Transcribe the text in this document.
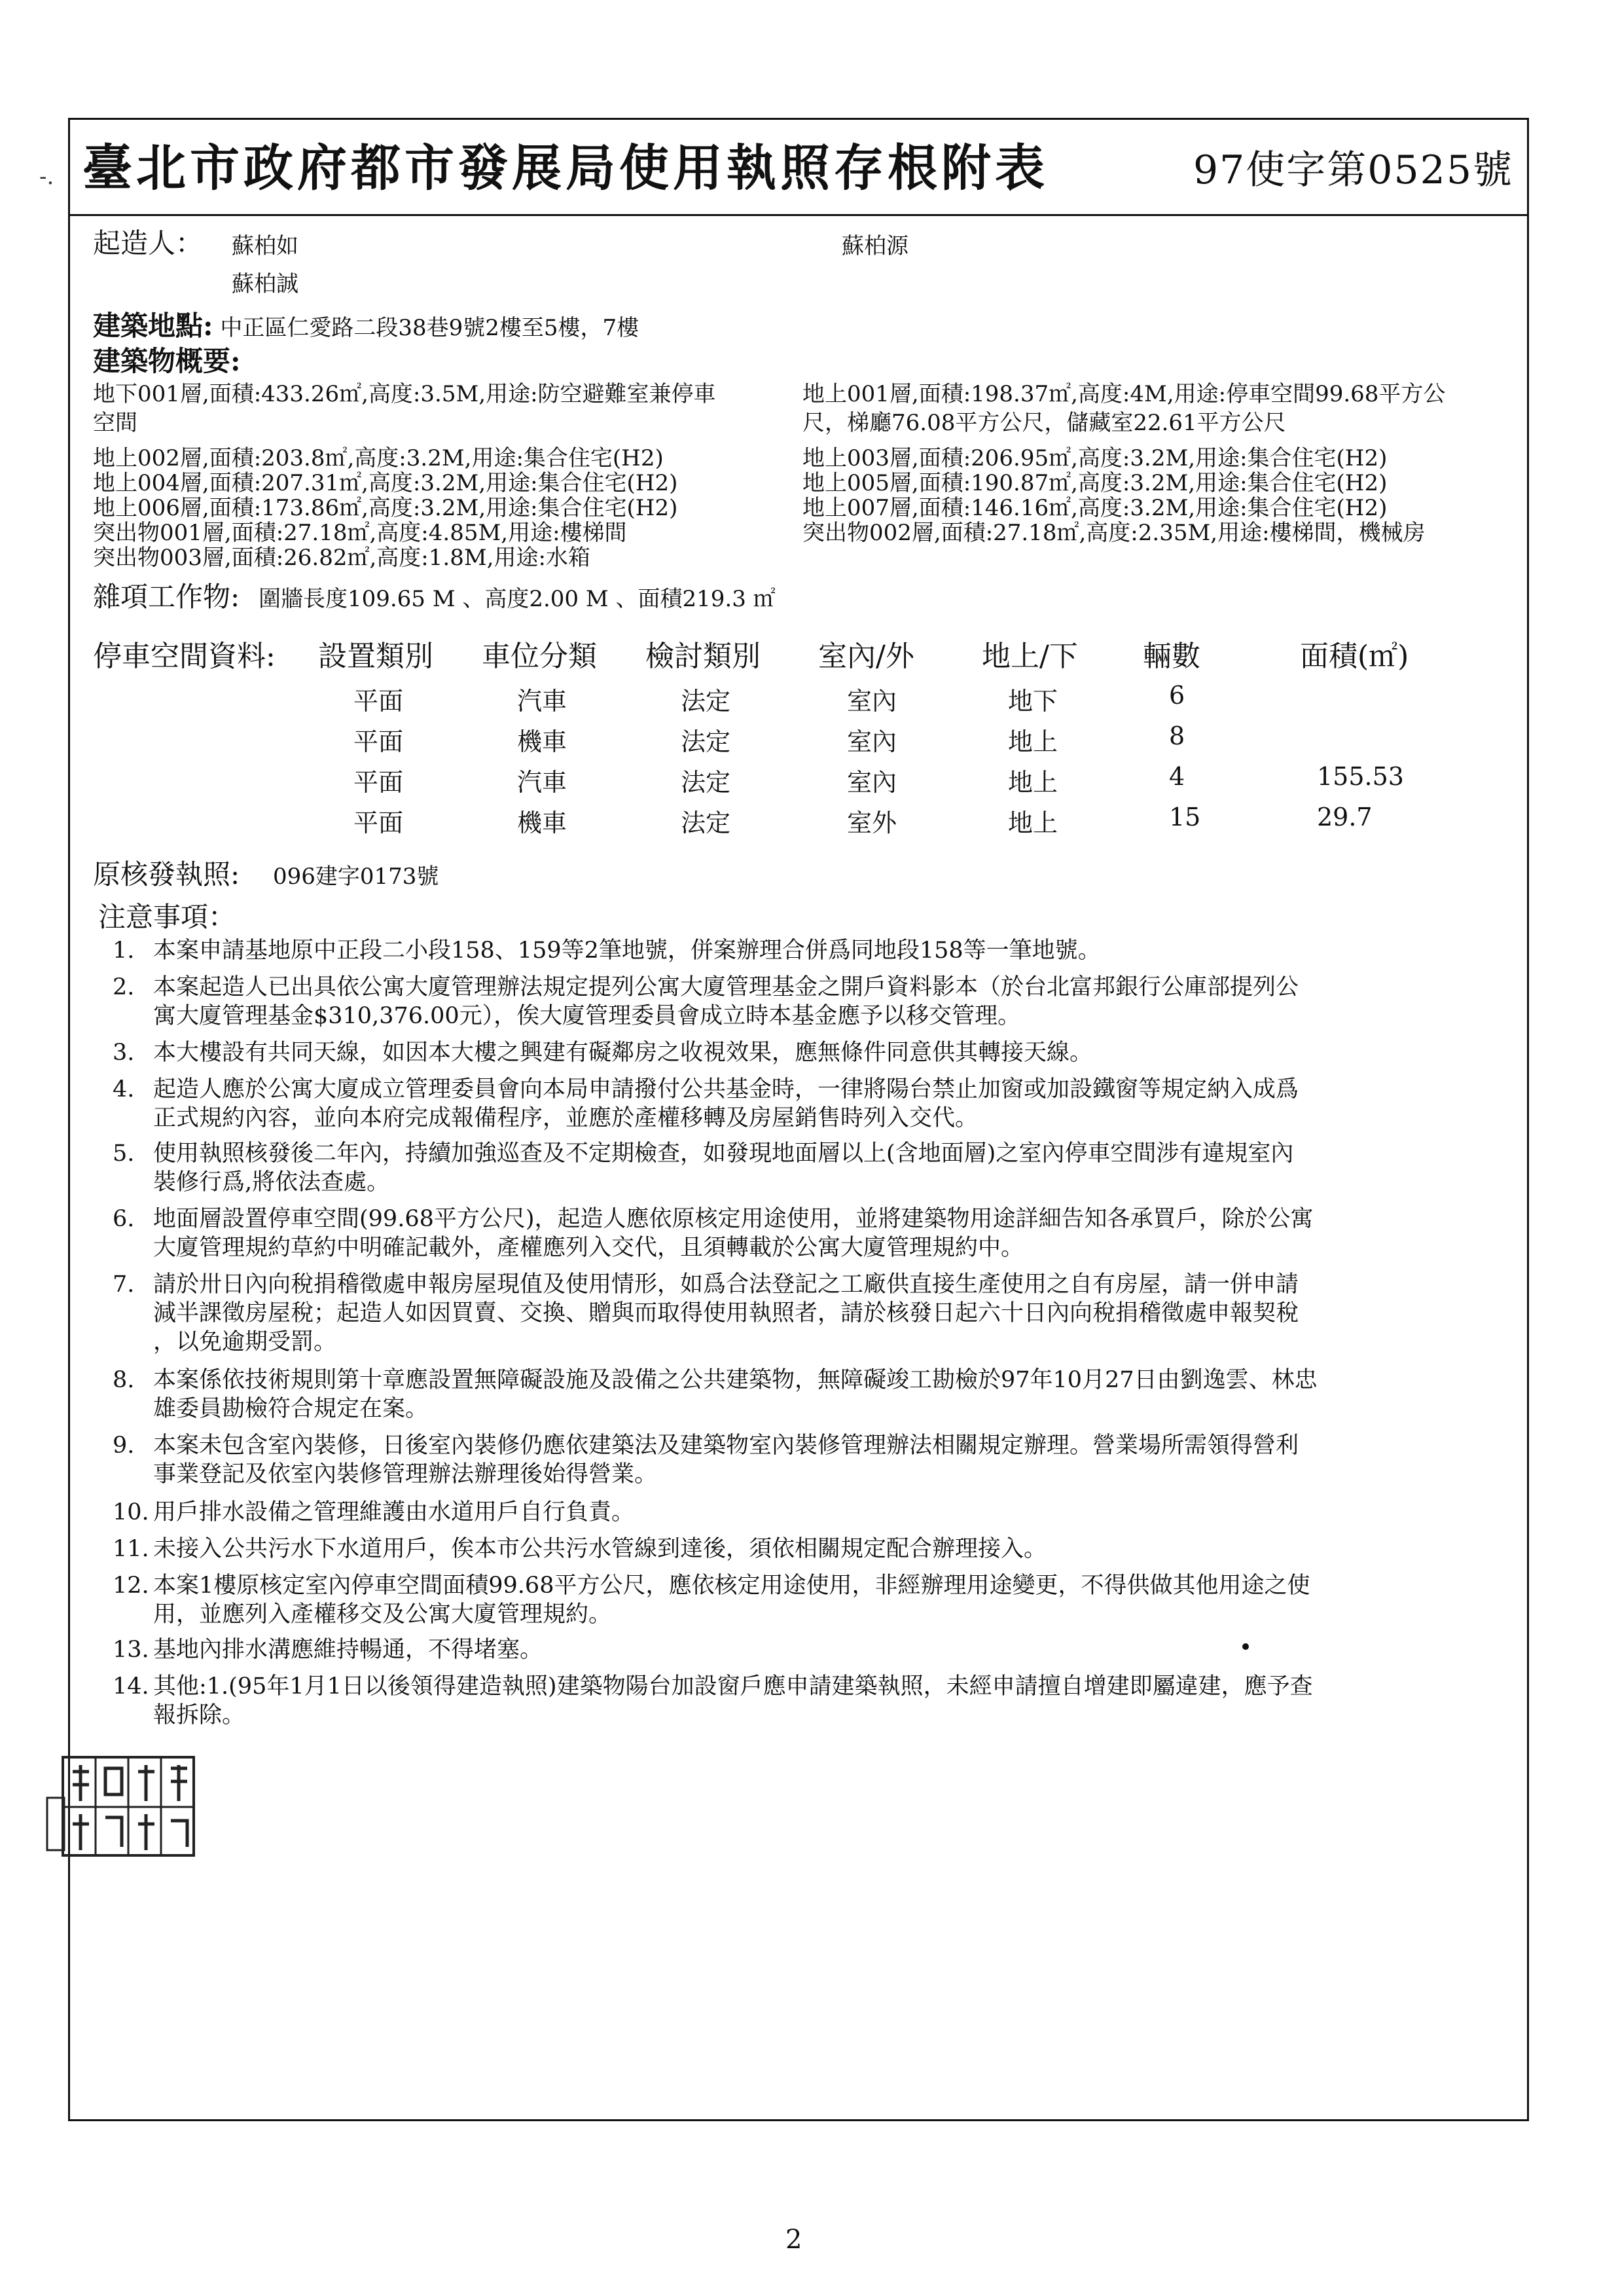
-. 臺北市政府都市發展局使用執照存根附表	97使字第0525號
起造人： 蘇柏如	蘇柏源
蘇柏誠
建築地點: 中正區仁愛路二段38巷9號2樓至5樓，7樓
建築物概要:
地下001層,面積:433.26㎡,高度:3.5M,用途:防空避難室兼停車
空間
地上002層,面積:203.8㎡,高度:3.2M,用途:集合住宅(H2)
地上004層,面積:207.31㎡,高度:3.2M,用途:集合住宅(H2)
地上006層,面積:173.86㎡,高度:3.2M,用途:集合住宅(H2)
突出物001層,面積:27.18㎡,高度:4.85M,用途:樓梯間
突出物003層,面積:26.82㎡,高度:1.8M,用途:水箱
地上001層,面積:198.37㎡,高度:4M,用途:停車空間99.68平方公
尺，梯廳76.08平方公尺，儲藏室22.61平方公尺
地上003層,面積:206.95㎡,高度:3.2M,用途:集合住宅(H2)
地上005層,面積:190.87㎡,高度:3.2M,用途:集合住宅(H2)
地上007層,面積:146.16㎡,高度:3.2M,用途:集合住宅(H2)
突出物002層,面積:27.18㎡,高度:2.35M,用途:樓梯間，機械房
雜項工作物: 圍牆長度109.65 M 、高度2.00 M 、面積219.3 ㎡
停車空間資料: 設置類別 車位分類 檢討類別 室內/外 地上/下 輛數	面積(㎡)
平面	汽車	法定	室內	地下	6
平面	機車	法定	室內	地上	8
平面	汽車	法定	室內	地上	4	155.53
平面	機車	法定	室外	地上	15	29.7
原核發執照: 096建字0173號
注意事項：
1. 本案申請基地原中正段二小段158、159等2筆地號，併案辦理合併爲同地段158等一筆地號。
2. 本案起造人已出具依公寓大廈管理辦法規定提列公寓大廈管理基金之開戶資料影本（於台北富邦銀行公庫部提列公
寓大廈管理基金$310,376.00元），俟大廈管理委員會成立時本基金應予以移交管理。
3. 本大樓設有共同天線，如因本大樓之興建有礙鄰房之收視效果，應無條件同意供其轉接天線。
4. 起造人應於公寓大廈成立管理委員會向本局申請撥付公共基金時，一律將陽台禁止加窗或加設鐵窗等規定納入成爲
正式規約內容，並向本府完成報備程序，並應於產權移轉及房屋銷售時列入交代。
5. 使用執照核發後二年內，持續加強巡查及不定期檢查，如發現地面層以上(含地面層)之室內停車空間涉有違規室內
裝修行爲,將依法查處。
6. 地面層設置停車空間(99.68平方公尺)，起造人應依原核定用途使用，並將建築物用途詳細告知各承買戶，除於公寓
大廈管理規約草約中明確記載外，產權應列入交代，且須轉載於公寓大廈管理規約中。
7. 請於卅日內向稅捐稽徵處申報房屋現值及使用情形，如爲合法登記之工廠供直接生產使用之自有房屋，請一併申請
減半課徵房屋稅；起造人如因買賣、交換、贈與而取得使用執照者，請於核發日起六十日內向稅捐稽徵處申報契稅
，以免逾期受罰。
8. 本案係依技術規則第十章應設置無障礙設施及設備之公共建築物，無障礙竣工勘檢於97年10月27日由劉逸雲、林忠
雄委員勘檢符合規定在案。
9. 本案未包含室內裝修，日後室內裝修仍應依建築法及建築物室內裝修管理辦法相關規定辦理。營業場所需領得營利
事業登記及依室內裝修管理辦法辦理後始得營業。
10. 用戶排水設備之管理維護由水道用戶自行負責。
11. 未接入公共污水下水道用戶，俟本市公共污水管線到達後，須依相關規定配合辦理接入。
12. 本案1樓原核定室內停車空間面積99.68平方公尺，應依核定用途使用，非經辦理用途變更，不得供做其他用途之使
用，並應列入產權移交及公寓大廈管理規約。
13. 基地內排水溝應維持暢通，不得堵塞。
14. 其他:1.(95年1月1日以後領得建造執照)建築物陽台加設窗戶應申請建築執照，未經申請擅自增建即屬違建，應予查
報拆除。
2
